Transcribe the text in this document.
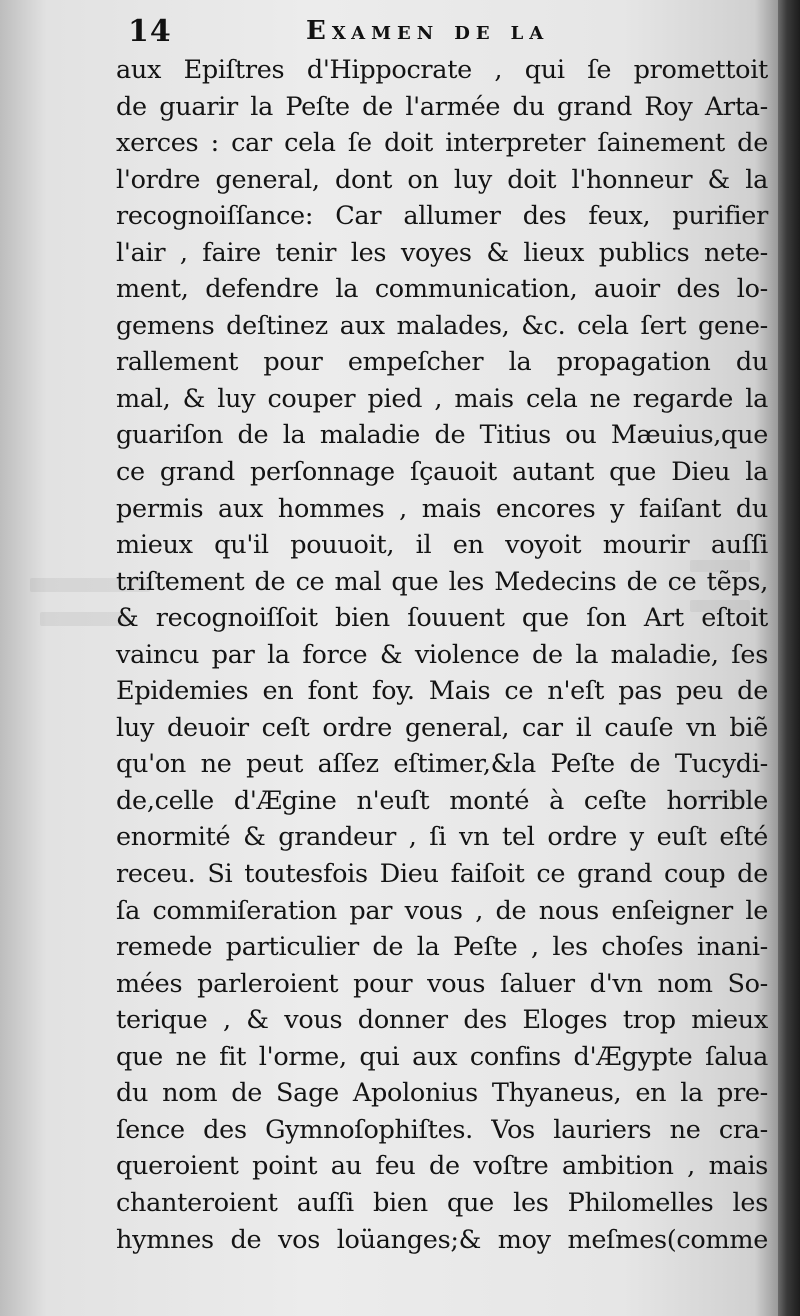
14	Examen de la
aux Epiſtres d'Hippocrate , qui ſe promettoit
de guarir la Peſte de l'armée du grand Roy Arta-
xerces : car cela ſe doit interpreter ſainement de
l'ordre general, dont on luy doit l'honneur & la
recognoiſſance: Car allumer des feux, purifier
l'air , faire tenir les voyes & lieux publics nete-
ment, defendre la communication, auoir des lo-
gemens deſtinez aux malades, &c. cela ſert gene-
rallement pour empeſcher la propagation du
mal, & luy couper pied , mais cela ne regarde la
guariſon de la maladie de Titius ou Mæuius,que
ce grand perſonnage ſçauoit autant que Dieu la
permis aux hommes , mais encores y faiſant du
mieux qu'il pouuoit, il en voyoit mourir auſſi
triſtement de ce mal que les Medecins de ce tẽps,
& recognoiſſoit bien ſouuent que ſon Art eſtoit
vaincu par la force & violence de la maladie, ſes
Epidemies en font foy. Mais ce n'eſt pas peu de
luy deuoir ceſt ordre general, car il cauſe vn biẽ
qu'on ne peut aſſez eſtimer,&la Peſte de Tucydi-
de,celle d'Ægine n'euſt monté à ceſte horrible
enormité & grandeur , ſi vn tel ordre y euſt eſté
receu. Si toutesfois Dieu faiſoit ce grand coup de
ſa commiſeration par vous , de nous enſeigner le
remede particulier de la Peſte , les choſes inani-
mées parleroient pour vous ſaluer d'vn nom So-
terique , & vous donner des Eloges trop mieux
que ne fit l'orme, qui aux confins d'Ægypte ſalua
du nom de Sage Apolonius Thyaneus, en la pre-
ſence des Gymnoſophiſtes. Vos lauriers ne cra-
queroient point au feu de voſtre ambition , mais
chanteroient auſſi bien que les Philomelles les
hymnes de vos loüanges;& moy meſmes(comme
